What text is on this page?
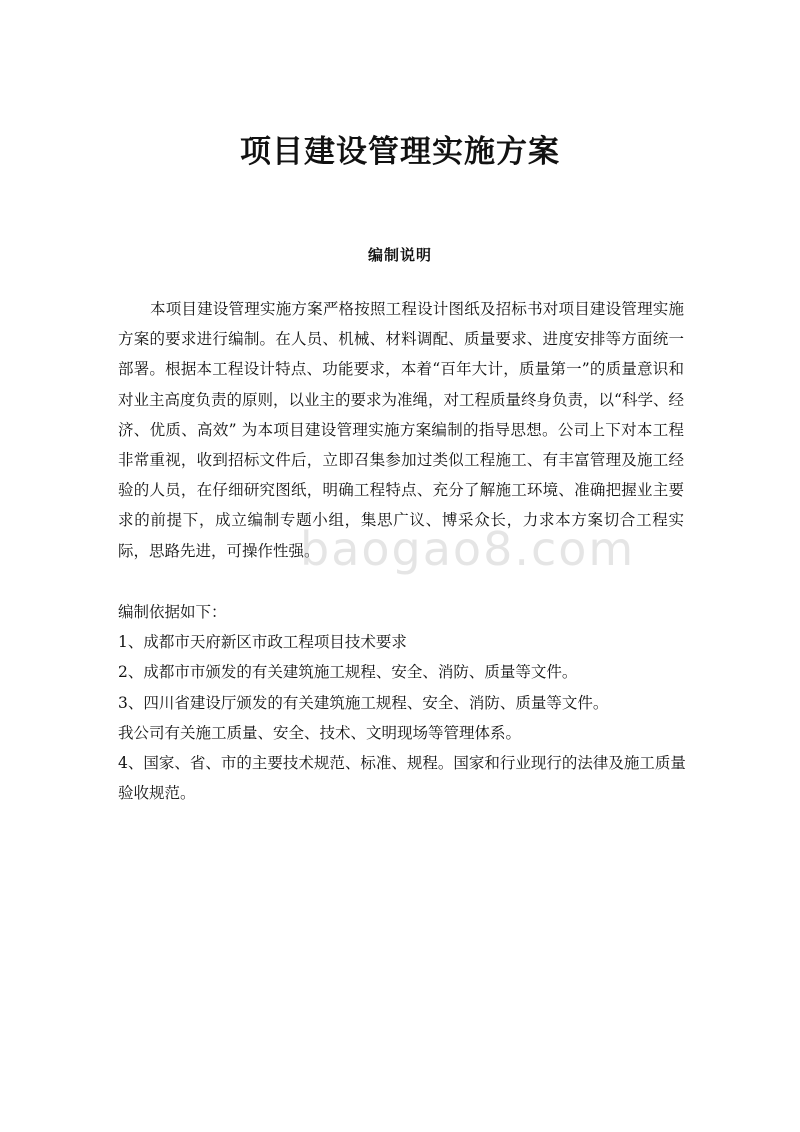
项目建设管理实施方案
编制说明

本项目建设管理实施方案严格按照工程设计图纸及招标书对项目建设管理实施方案的要求进行编制。在人员、机械、材料调配、质量要求、进度安排等方面统一部署。根据本工程设计特点、功能要求，本着“百年大计，质量第一”的质量意识和对业主高度负责的原则，以业主的要求为准绳，对工程质量终身负责，以“科学、经济、优质、高效” 为本项目建设管理实施方案编制的指导思想。公司上下对本工程非常重视，收到招标文件后，立即召集参加过类似工程施工、有丰富管理及施工经验的人员，在仔细研究图纸，明确工程特点、充分了解施工环境、准确把握业主要求的前提下，成立编制专题小组，集思广议、博采众长，力求本方案切合工程实际，思路先进，可操作性强。

编制依据如下：
1、成都市天府新区市政工程项目技术要求
2、成都市市颁发的有关建筑施工规程、安全、消防、质量等文件。
3、四川省建设厅颁发的有关建筑施工规程、安全、消防、质量等文件。
我公司有关施工质量、安全、技术、文明现场等管理体系。
4、国家、省、市的主要技术规范、标准、规程。国家和行业现行的法律及施工质量验收规范。
baogao8.com
